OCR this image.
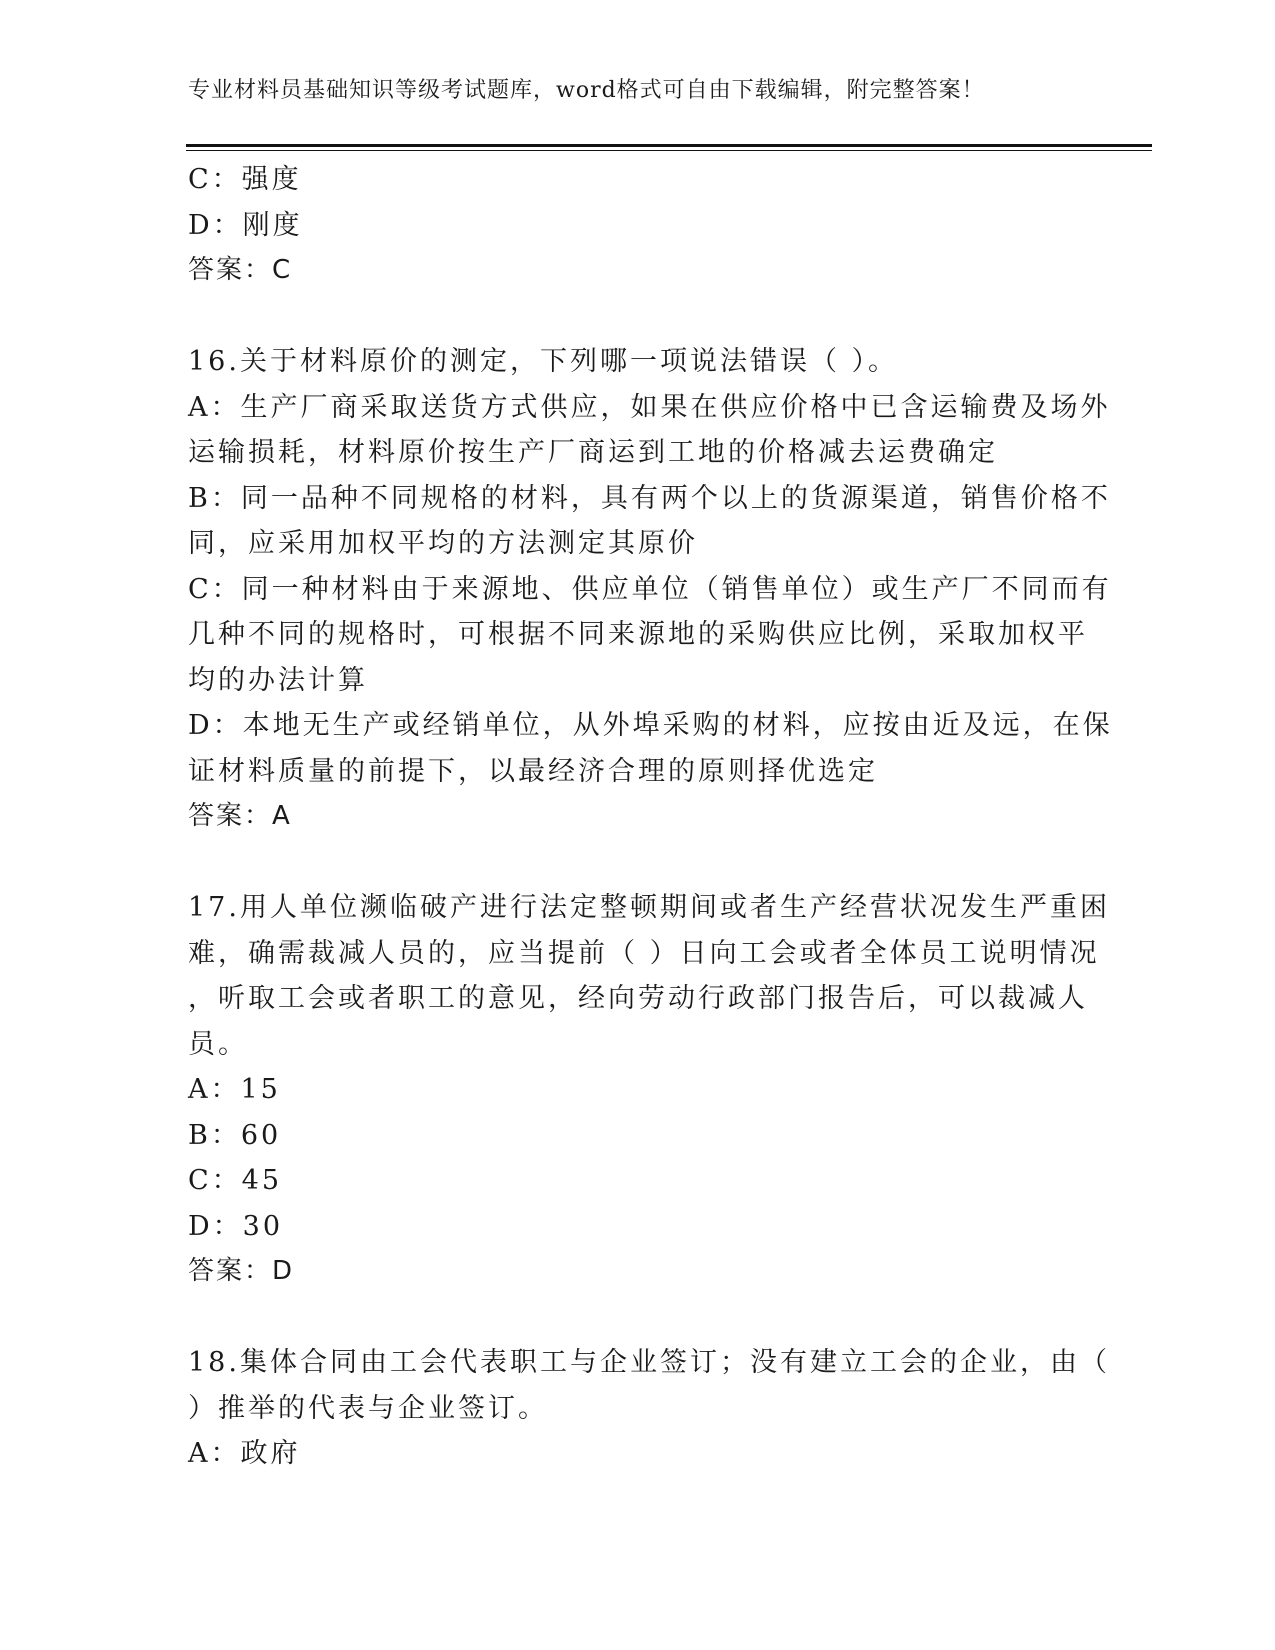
专业材料员基础知识等级考试题库，word格式可自由下载编辑，附完整答案！
C：强度
D：刚度
答案：C
16.关于材料原价的测定，下列哪一项说法错误（ ）。
A：生产厂商采取送货方式供应，如果在供应价格中已含运输费及场外
运输损耗，材料原价按生产厂商运到工地的价格减去运费确定
B：同一品种不同规格的材料，具有两个以上的货源渠道，销售价格不
同，应采用加权平均的方法测定其原价
C：同一种材料由于来源地、供应单位（销售单位）或生产厂不同而有
几种不同的规格时，可根据不同来源地的采购供应比例，采取加权平
均的办法计算
D：本地无生产或经销单位，从外埠采购的材料，应按由近及远，在保
证材料质量的前提下，以最经济合理的原则择优选定
答案：A
17.用人单位濒临破产进行法定整顿期间或者生产经营状况发生严重困
难，确需裁减人员的，应当提前（ ）日向工会或者全体员工说明情况
，听取工会或者职工的意见，经向劳动行政部门报告后，可以裁减人
员。
A：15
B：60
C：45
D：30
答案：D
18.集体合同由工会代表职工与企业签订；没有建立工会的企业，由（
）推举的代表与企业签订。
A：政府
